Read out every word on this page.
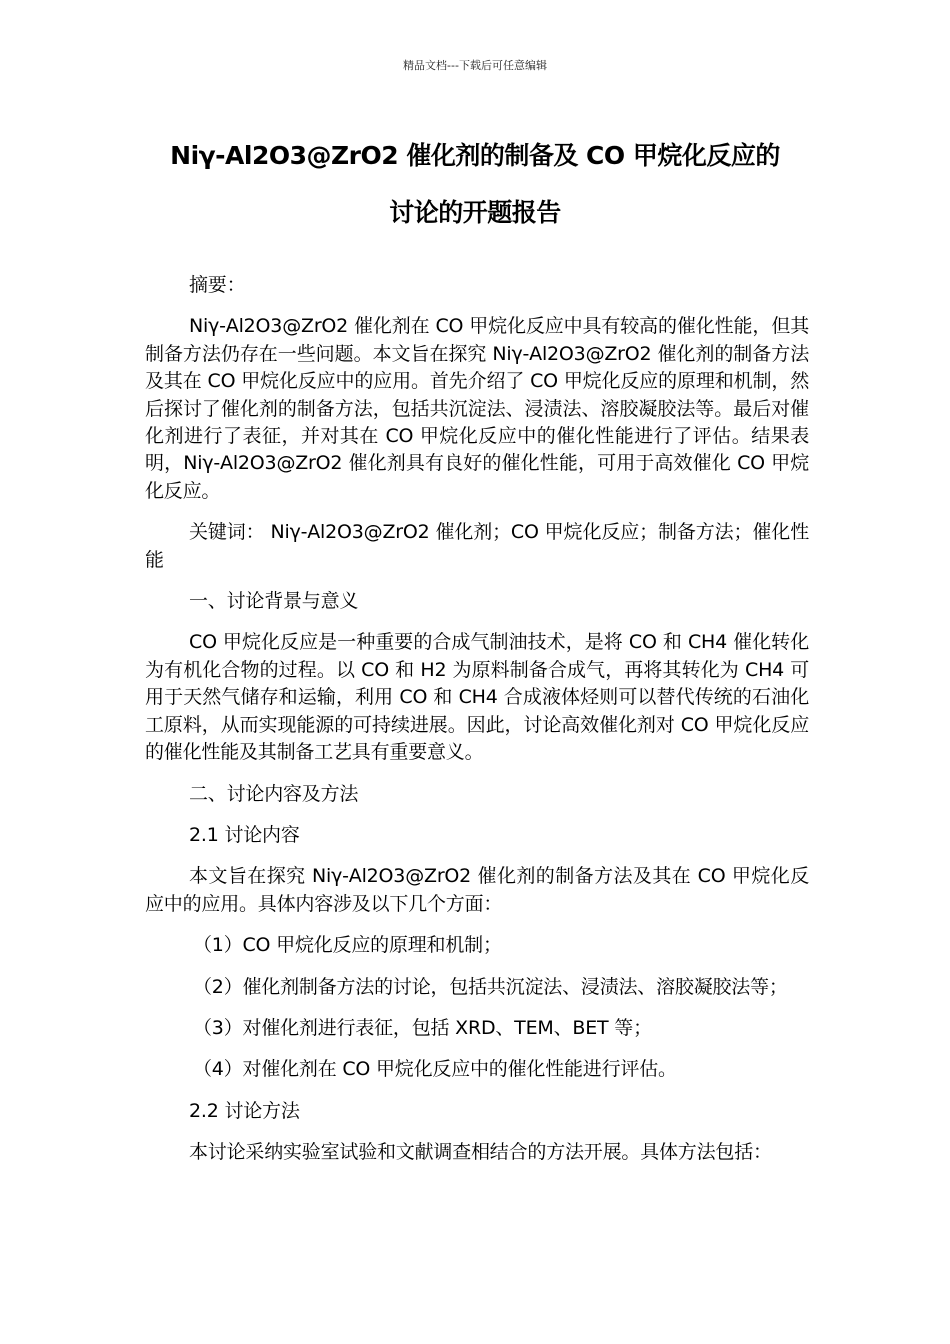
精品文档---下载后可任意编辑
Niγ-Al2O3@ZrO2 催化剂的制备及 CO 甲烷化反应的
讨论的开题报告

摘要：

Niγ-Al2O3@ZrO2 催化剂在 CO 甲烷化反应中具有较高的催化性能，但其制备方法仍存在一些问题。本文旨在探究 Niγ-Al2O3@ZrO2 催化剂的制备方法及其在 CO 甲烷化反应中的应用。首先介绍了 CO 甲烷化反应的原理和机制，然后探讨了催化剂的制备方法，包括共沉淀法、浸渍法、溶胶凝胶法等。最后对催化剂进行了表征，并对其在 CO 甲烷化反应中的催化性能进行了评估。结果表明，Niγ-Al2O3@ZrO2 催化剂具有良好的催化性能，可用于高效催化 CO 甲烷化反应。

关键词： Niγ-Al2O3@ZrO2 催化剂；CO 甲烷化反应；制备方法；催化性能

一、讨论背景与意义

CO 甲烷化反应是一种重要的合成气制油技术，是将 CO 和 CH4 催化转化为有机化合物的过程。以 CO 和 H2 为原料制备合成气，再将其转化为 CH4 可用于天然气储存和运输，利用 CO 和 CH4 合成液体烃则可以替代传统的石油化工原料，从而实现能源的可持续进展。因此，讨论高效催化剂对 CO 甲烷化反应的催化性能及其制备工艺具有重要意义。

二、讨论内容及方法

2.1 讨论内容

本文旨在探究 Niγ-Al2O3@ZrO2 催化剂的制备方法及其在 CO 甲烷化反应中的应用。具体内容涉及以下几个方面：

（1）CO 甲烷化反应的原理和机制；

（2）催化剂制备方法的讨论，包括共沉淀法、浸渍法、溶胶凝胶法等；

（3）对催化剂进行表征，包括 XRD、TEM、BET 等；

（4）对催化剂在 CO 甲烷化反应中的催化性能进行评估。

2.2 讨论方法

本讨论采纳实验室试验和文献调查相结合的方法开展。具体方法包括：
